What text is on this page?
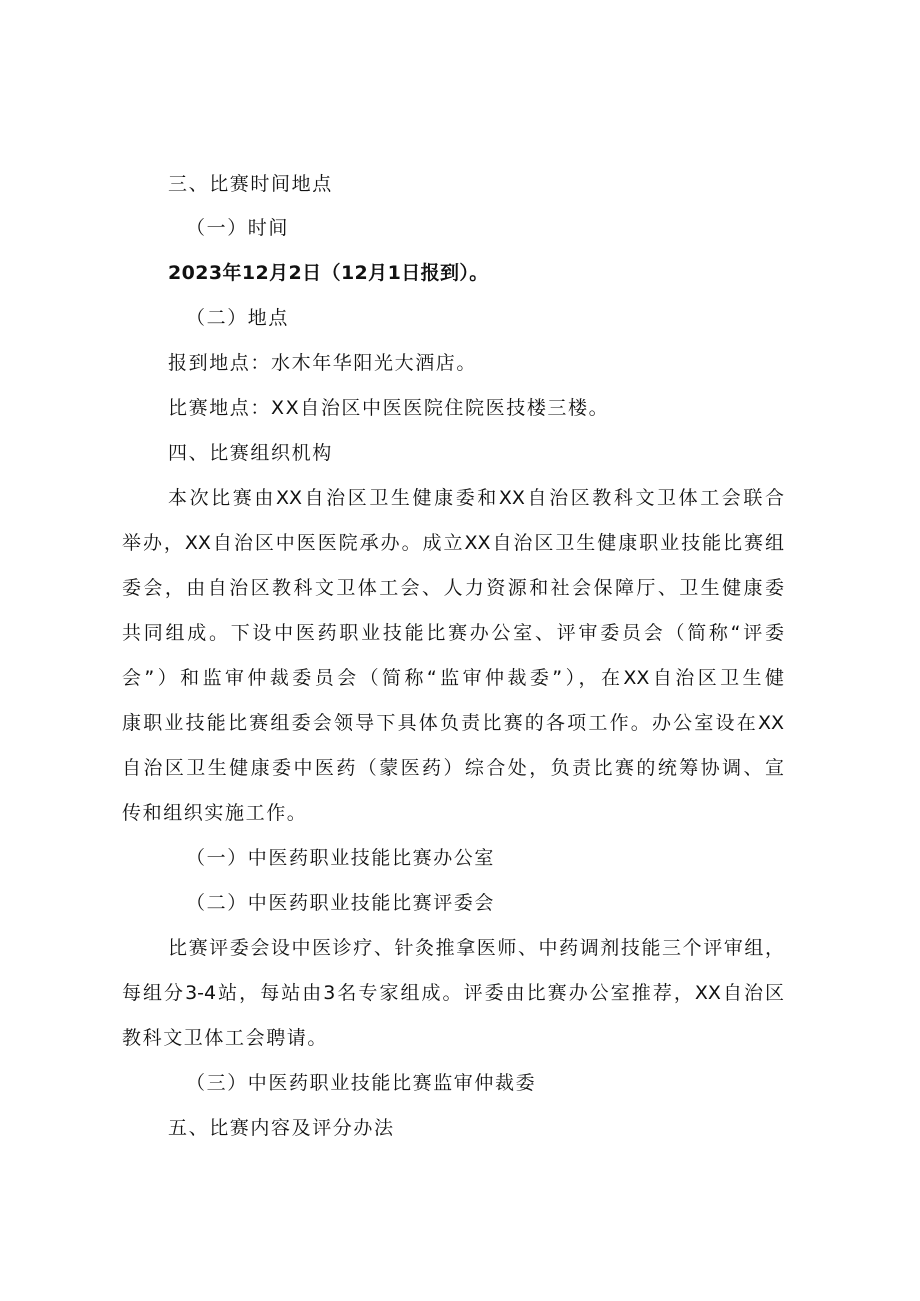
三、比赛时间地点
（一）时间
2023年12月2日（12月1日报到）。
（二）地点
报到地点：水木年华阳光大酒店。
比赛地点：XX自治区中医医院住院医技楼三楼。
四、比赛组织机构
本次比赛由XX自治区卫生健康委和XX自治区教科文卫体工会联合
举办，XX自治区中医医院承办。成立XX自治区卫生健康职业技能比赛组
委会，由自治区教科文卫体工会、人力资源和社会保障厅、卫生健康委
共同组成。下设中医药职业技能比赛办公室、评审委员会（简称“评委
会”）和监审仲裁委员会（简称“监审仲裁委”），在XX自治区卫生健
康职业技能比赛组委会领导下具体负责比赛的各项工作。办公室设在XX
自治区卫生健康委中医药（蒙医药）综合处，负责比赛的统筹协调、宣
传和组织实施工作。
（一）中医药职业技能比赛办公室
（二）中医药职业技能比赛评委会
比赛评委会设中医诊疗、针灸推拿医师、中药调剂技能三个评审组，
每组分3-4站，每站由3名专家组成。评委由比赛办公室推荐，XX自治区
教科文卫体工会聘请。
（三）中医药职业技能比赛监审仲裁委
五、比赛内容及评分办法
